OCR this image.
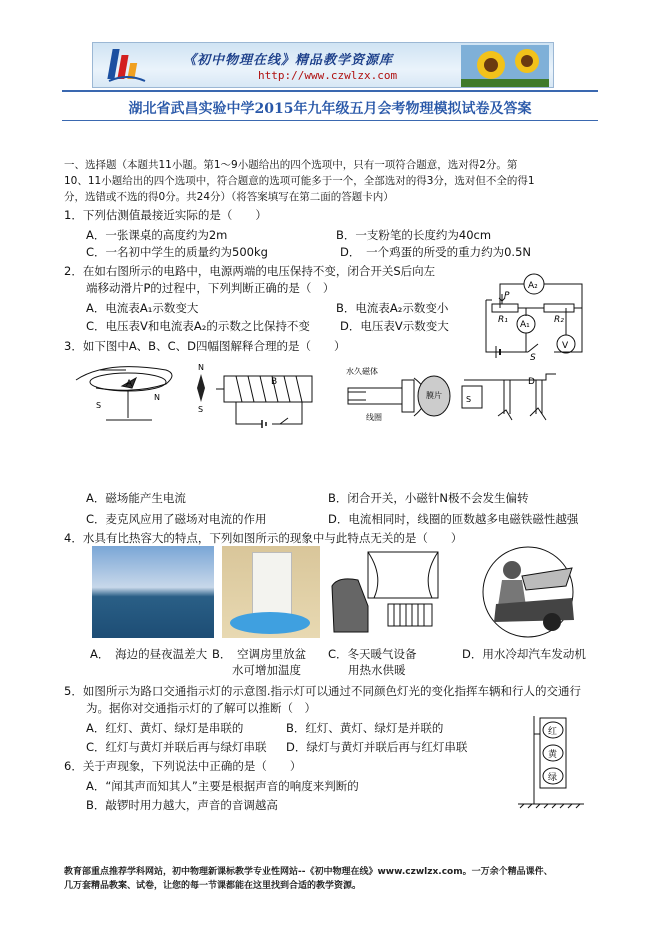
《初中物理在线》精品教学资源库
http://www.czwlzx.com
湖北省武昌实验中学2015年九年级五月会考物理模拟试卷及答案
一、选择题（本题共11小题。第1～9小题给出的四个选项中，只有一项符合题意，选对得2分。第
10、11小题给出的四个选项中，符合题意的选项可能多于一个，全部选对的得3分，选对但不全的得1
分，选错或不选的得0分。共24分）（将答案填写在第二面的答题卡内）
1．下列估测值最接近实际的是（　　）
A．一张课桌的高度约为2m	B．一支粉笔的长度约为40cm
C．一名初中学生的质量约为500kg	D．　一个鸡蛋的所受的重力约为0.5N
2．在如右图所示的电路中，电源两端的电压保持不变，闭合开关S后向左
端移动滑片P的过程中，下列判断正确的是（　）
A．电流表A₁示数变大	B．电流表A₂示数变小
C．电压表V和电流表A₂的示数之比保持不变	D．电压表V示数变大
A₂
A₁
V
P
R₁	R₂
S
3．如下图中A、B、C、D四幅图解释合理的是（　　）
A
S
N
N
S
B
水久磁体
膜片
线圈
D
S
A．磁场能产生电流	B．闭合开关，小磁针N极不会发生偏转
C．麦克风应用了磁场对电流的作用	D．电流相同时，线圈的匝数越多电磁铁磁性越强
4．水具有比热容大的特点，下列如图所示的现象中与此特点无关的是（　　）
A．　海边的昼夜温差大 B．　空调房里放盆
水可增加温度
C．冬天暖气设备
用热水供暖
D．用水冷却汽车发动机
5．如图所示为路口交通指示灯的示意图.指示灯可以通过不同颜色灯光的变化指挥车辆和行人的交通行
为。据你对交通指示灯的了解可以推断（　）
A．红灯、黄灯、绿灯是串联的	B．红灯、黄灯、绿灯是并联的
C．红灯与黄灯并联后再与绿灯串联 D．绿灯与黄灯并联后再与红灯串联
红
黄
绿
6．关于声现象，下列说法中正确的是（　　）
A．“闻其声而知其人”主要是根据声音的响度来判断的
B．敲锣时用力越大，声音的音调越高
教育部重点推荐学科网站，初中物理新课标教学专业性网站--《初中物理在线》www.czwlzx.com。一万余个精品课件、
几万套精品教案、试卷，让您的每一节课都能在这里找到合适的教学资源。
